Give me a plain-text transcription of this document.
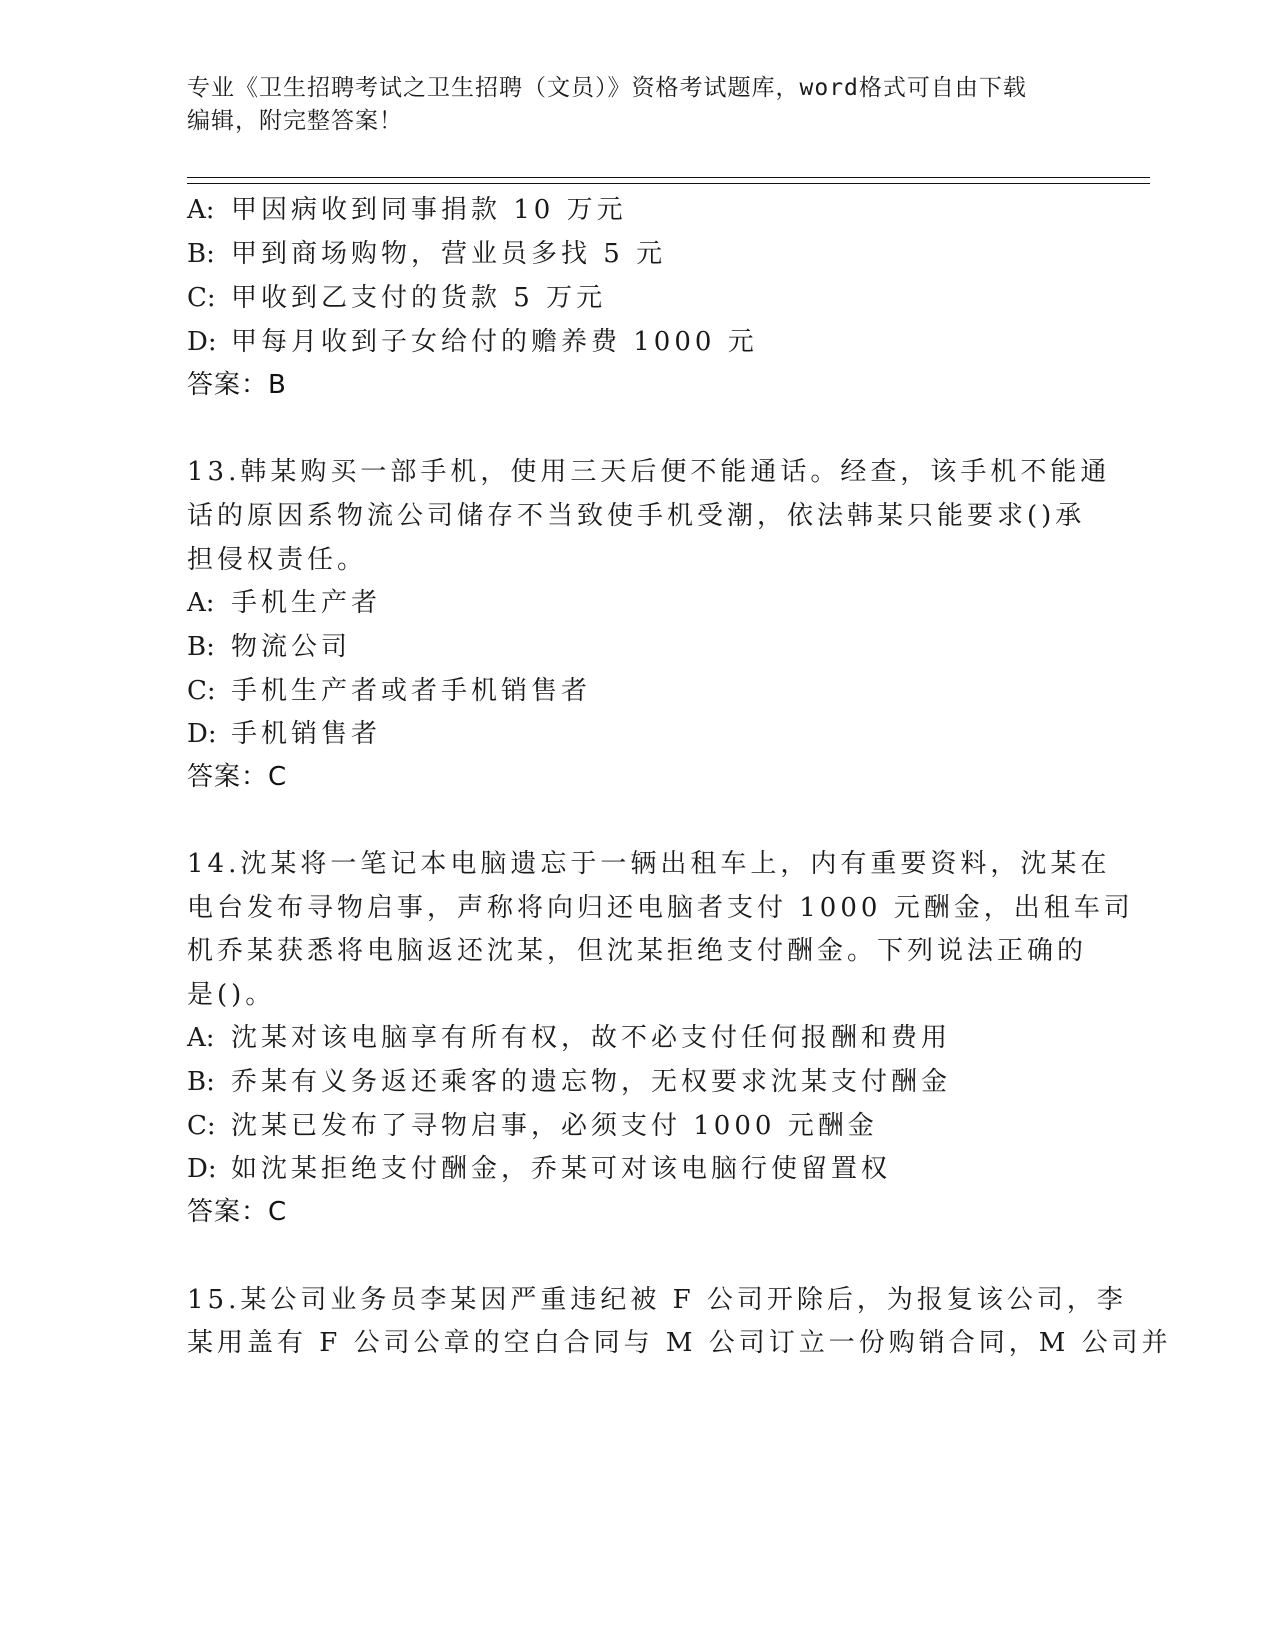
专业《卫生招聘考试之卫生招聘（文员）》资格考试题库，word格式可自由下载
编辑，附完整答案！
A: 甲因病收到同事捐款 10 万元
B: 甲到商场购物，营业员多找 5 元
C: 甲收到乙支付的货款 5 万元
D: 甲每月收到子女给付的赡养费 1000 元
答案：B
13.韩某购买一部手机，使用三天后便不能通话。经查，该手机不能通
话的原因系物流公司储存不当致使手机受潮，依法韩某只能要求()承
担侵权责任。
A: 手机生产者
B: 物流公司
C: 手机生产者或者手机销售者
D: 手机销售者
答案：C
14.沈某将一笔记本电脑遗忘于一辆出租车上，内有重要资料，沈某在
电台发布寻物启事，声称将向归还电脑者支付 1000 元酬金，出租车司
机乔某获悉将电脑返还沈某，但沈某拒绝支付酬金。下列说法正确的
是()。
A: 沈某对该电脑享有所有权，故不必支付任何报酬和费用
B: 乔某有义务返还乘客的遗忘物，无权要求沈某支付酬金
C: 沈某已发布了寻物启事，必须支付 1000 元酬金
D: 如沈某拒绝支付酬金，乔某可对该电脑行使留置权
答案：C
15.某公司业务员李某因严重违纪被 F 公司开除后，为报复该公司，李
某用盖有 F 公司公章的空白合同与 M 公司订立一份购销合同，M 公司并
